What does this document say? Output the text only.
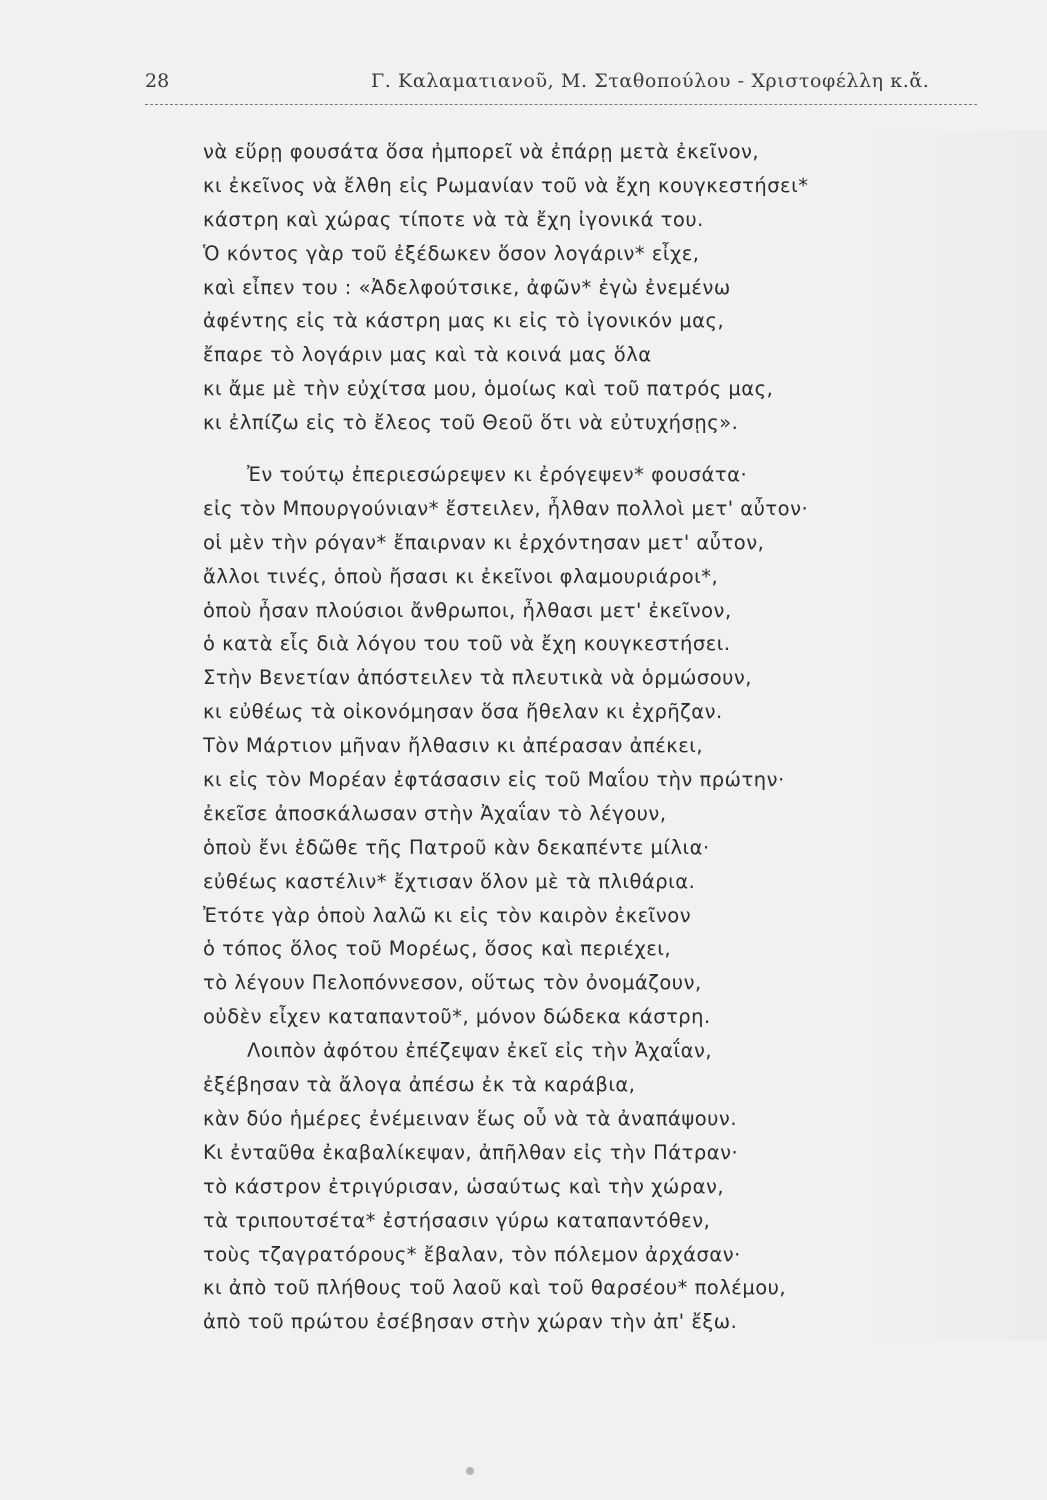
28	Γ. Καλαματιανοῦ, Μ. Σταθοπούλου - Χριστοφέλλη κ.ἄ.
νὰ εὕρῃ φουσάτα ὅσα ἠμπορεῖ νὰ ἐπάρῃ μετὰ ἐκεῖνον,
κι ἐκεῖνος νὰ ἔλθη εἰς Ρωμανίαν τοῦ νὰ ἔχη κουγκεστήσει*
κάστρη καὶ χώρας τίποτε νὰ τὰ ἔχη ἰγονικά του.
Ὁ κόντος γὰρ τοῦ ἐξέδωκεν ὅσον λογάριν* εἶχε,
καὶ εἶπεν του : «Ἀδελφούτσικε, ἀφῶν* ἐγὼ ἐνεμένω
ἀφέντης εἰς τὰ κάστρη μας κι εἰς τὸ ἰγονικόν μας,
ἔπαρε τὸ λογάριν μας καὶ τὰ κοινά μας ὅλα
κι ἄμε μὲ τὴν εὐχίτσα μου, ὁμοίως καὶ τοῦ πατρός μας,
κι ἐλπίζω εἰς τὸ ἔλεος τοῦ Θεοῦ ὅτι νὰ εὐτυχήσῃς».
Ἐν τούτῳ ἐπεριεσώρεψεν κι ἐρόγεψεν* φουσάτα·
εἰς τὸν Μπουργούνιαν* ἔστειλεν, ἦλθαν πολλοὶ μετ' αὖτον·
οἱ μὲν τὴν ρόγαν* ἔπαιρναν κι ἐρχόντησαν μετ' αὖτον,
ἄλλοι τινές, ὁποὺ ἤσασι κι ἐκεῖνοι φλαμουριάροι*,
ὁποὺ ἦσαν πλούσιοι ἄνθρωποι, ἦλθασι μετ' ἐκεῖνον,
ὁ κατὰ εἷς διὰ λόγου του τοῦ νὰ ἔχη κουγκεστήσει.
Στὴν Βενετίαν ἀπόστειλεν τὰ πλευτικὰ νὰ ὁρμώσουν,
κι εὐθέως τὰ οἰκονόμησαν ὅσα ἤθελαν κι ἐχρῆζαν.
Τὸν Μάρτιον μῆναν ἤλθασιν κι ἀπέρασαν ἀπέκει,
κι εἰς τὸν Μορέαν ἐφτάσασιν εἰς τοῦ Μαΐου τὴν πρώτην·
ἐκεῖσε ἀποσκάλωσαν στὴν Ἀχαΐαν τὸ λέγουν,
ὁποὺ ἔνι ἐδῶθε τῆς Πατροῦ κὰν δεκαπέντε μίλια·
εὐθέως καστέλιν* ἔχτισαν ὅλον μὲ τὰ πλιθάρια.
Ἐτότε γὰρ ὁποὺ λαλῶ κι εἰς τὸν καιρὸν ἐκεῖνον
ὁ τόπος ὅλος τοῦ Μορέως, ὅσος καὶ περιέχει,
τὸ λέγουν Πελοπόννεσον, οὕτως τὸν ὀνομάζουν,
οὐδὲν εἶχεν καταπαντοῦ*, μόνον δώδεκα κάστρη.
Λοιπὸν ἀφότου ἐπέζεψαν ἐκεῖ εἰς τὴν Ἀχαΐαν,
ἐξέβησαν τὰ ἄλογα ἀπέσω ἐκ τὰ καράβια,
κὰν δύο ἡμέρες ἐνέμειναν ἕως οὗ νὰ τὰ ἀναπάψουν.
Κι ἐνταῦθα ἐκαβαλίκεψαν, ἀπῆλθαν εἰς τὴν Πάτραν·
τὸ κάστρον ἐτριγύρισαν, ὡσαύτως καὶ τὴν χώραν,
τὰ τριπουτσέτα* ἐστήσασιν γύρω καταπαντόθεν,
τοὺς τζαγρατόρους* ἔβαλαν, τὸν πόλεμον ἀρχάσαν·
κι ἀπὸ τοῦ πλήθους τοῦ λαοῦ καὶ τοῦ θαρσέου* πολέμου,
ἀπὸ τοῦ πρώτου ἐσέβησαν στὴν χώραν τὴν ἀπ' ἔξω.
